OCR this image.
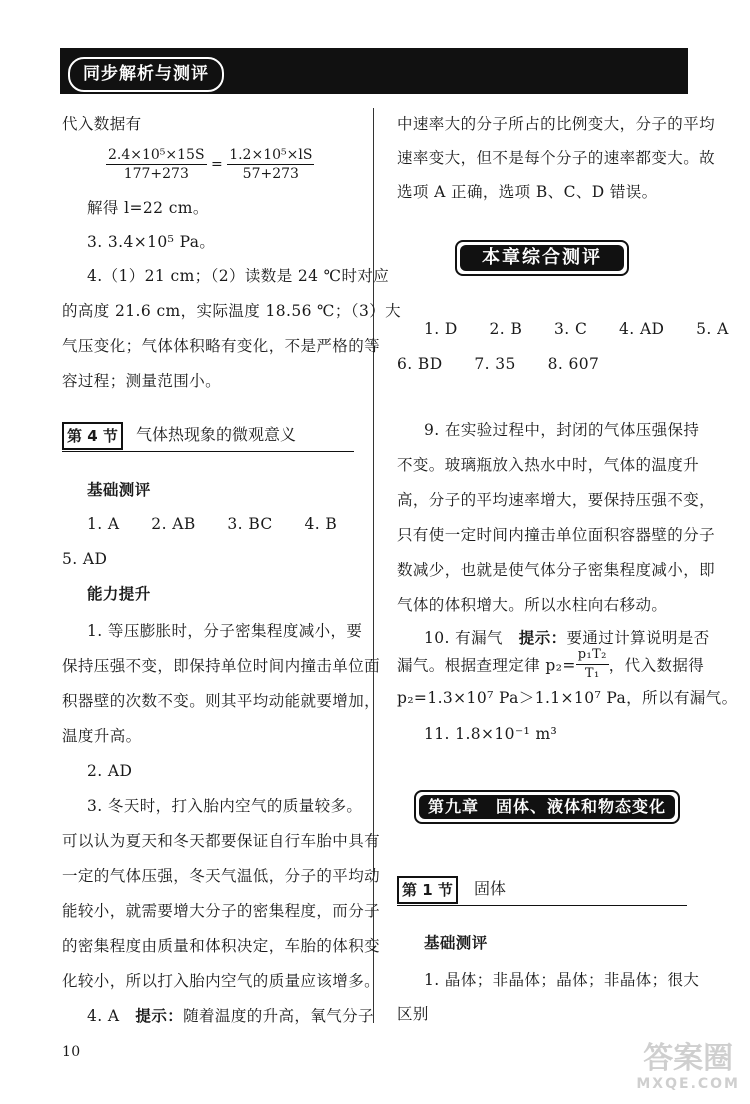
同步解析与测评
代入数据有
$\frac{\text{2.4×10⁵×15S}}{177+273} = \frac{\text{1.2×10⁵×lS}}{57+273}$
解得 l=22 cm。
3. 3.4×10⁵ Pa。
4.（1）21 cm；（2）读数是 24 ℃时对应
的高度 21.6 cm，实际温度 18.56 ℃；（3）大
气压变化；气体体积略有变化，不是严格的等
容过程；测量范围小。
第 4 节	气体热现象的微观意义
基础测评
1. A　　2. AB　　3. BC　　4. B
5. AD
能力提升
1. 等压膨胀时，分子密集程度减小，要
保持压强不变，即保持单位时间内撞击单位面
积器壁的次数不变。则其平均动能就要增加，
温度升高。
2. AD
3. 冬天时，打入胎内空气的质量较多。
可以认为夏天和冬天都要保证自行车胎中具有
一定的气体压强，冬天气温低，分子的平均动
能较小，就需要增大分子的密集程度，而分子
的密集程度由质量和体积决定，车胎的体积变
化较小，所以打入胎内空气的质量应该增多。
4. A　 提示：随着温度的升高，氧气分子
中速率大的分子所占的比例变大，分子的平均
速率变大，但不是每个分子的速率都变大。故
选项 A 正确，选项 B、C、D 错误。
本章综合测评
1. D　　2. B　　3. C　　4. AD　　5. A
6. BD　　7. 35　　8. 607
9. 在实验过程中，封闭的气体压强保持
不变。玻璃瓶放入热水中时，气体的温度升
高，分子的平均速率增大，要保持压强不变，
只有使一定时间内撞击单位面积容器壁的分子
数减少，也就是使气体分子密集程度减小，即
气体的体积增大。所以水柱向右移动。
10. 有漏气　 提示：要通过计算说明是否
漏气。根据查理定律 $p_2= \frac{\text{p₁T₂}}{\text{T₁}}$ ，代入数据得
p₂=1.3×10⁷ Pa＞1.1×10⁷ Pa，所以有漏气。
11. 1.8×10⁻¹ m³
第九章　固体、液体和物态变化
第 1 节	固体
基础测评
1. 晶体；非晶体；晶体；非晶体；很大
区别
10	答案圈
MXQE.COM
